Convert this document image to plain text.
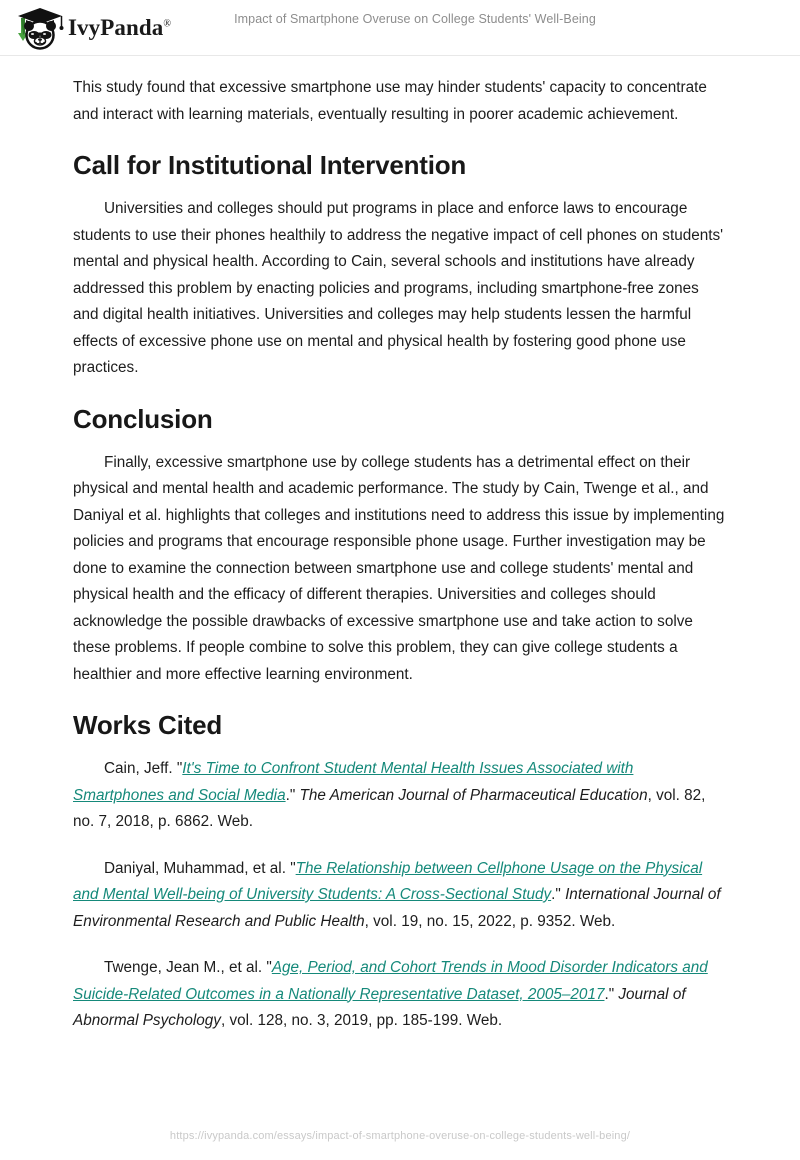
IvyPanda®	Impact of Smartphone Overuse on College Students' Well-Being

This study found that excessive smartphone use may hinder students' capacity to concentrate and interact with learning materials, eventually resulting in poorer academic achievement.

Call for Institutional Intervention

Universities and colleges should put programs in place and enforce laws to encourage students to use their phones healthily to address the negative impact of cell phones on students' mental and physical health. According to Cain, several schools and institutions have already addressed this problem by enacting policies and programs, including smartphone-free zones and digital health initiatives. Universities and colleges may help students lessen the harmful effects of excessive phone use on mental and physical health by fostering good phone use practices.

Conclusion

Finally, excessive smartphone use by college students has a detrimental effect on their physical and mental health and academic performance. The study by Cain, Twenge et al., and Daniyal et al. highlights that colleges and institutions need to address this issue by implementing policies and programs that encourage responsible phone usage. Further investigation may be done to examine the connection between smartphone use and college students' mental and physical health and the efficacy of different therapies. Universities and colleges should acknowledge the possible drawbacks of excessive smartphone use and take action to solve these problems. If people combine to solve this problem, they can give college students a healthier and more effective learning environment.

Works Cited

Cain, Jeff. "It's Time to Confront Student Mental Health Issues Associated with Smartphones and Social Media." The American Journal of Pharmaceutical Education, vol. 82, no. 7, 2018, p. 6862. Web.

Daniyal, Muhammad, et al. "The Relationship between Cellphone Usage on the Physical and Mental Well-being of University Students: A Cross-Sectional Study." International Journal of Environmental Research and Public Health, vol. 19, no. 15, 2022, p. 9352. Web.

Twenge, Jean M., et al. "Age, Period, and Cohort Trends in Mood Disorder Indicators and Suicide-Related Outcomes in a Nationally Representative Dataset, 2005–2017." Journal of Abnormal Psychology, vol. 128, no. 3, 2019, pp. 185-199. Web.

https://ivypanda.com/essays/impact-of-smartphone-overuse-on-college-students-well-being/
